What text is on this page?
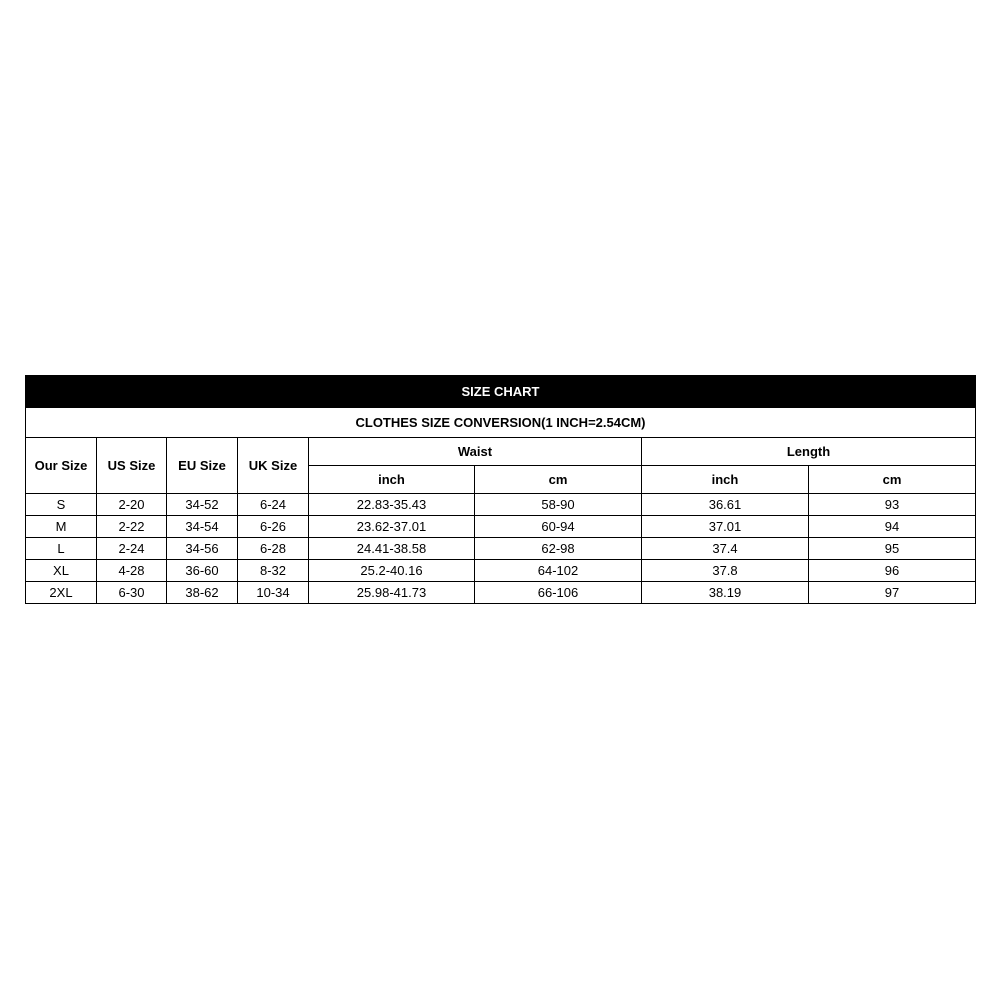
SIZE CHART							
CLOTHES SIZE CONVERSION(1 INCH=2.54CM)							
Our Size	US Size	EU Size	UK Size	Waist		Length	
				inch	cm	inch	cm
S	2-20	34-52	6-24	22.83-35.43	58-90	36.61	93
M	2-22	34-54	6-26	23.62-37.01	60-94	37.01	94
L	2-24	34-56	6-28	24.41-38.58	62-98	37.4	95
XL	4-28	36-60	8-32	25.2-40.16	64-102	37.8	96
2XL	6-30	38-62	10-34	25.98-41.73	66-106	38.19	97
